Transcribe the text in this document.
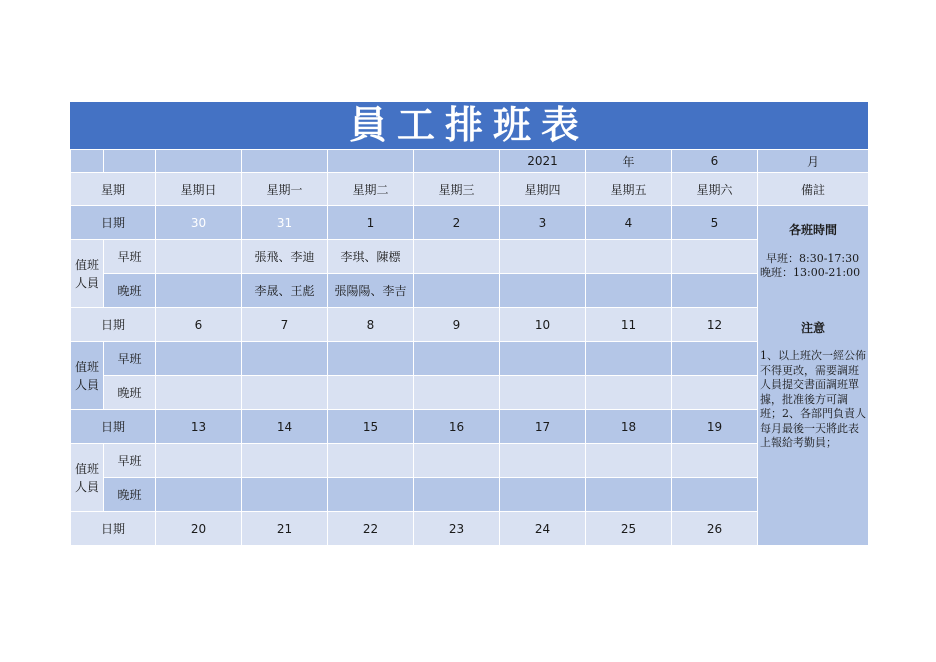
員工排班表
						2021	年	6	月
星期		星期日	星期一	星期二	星期三	星期四	星期五	星期六	備註
日期		30	31	1	2	3	4	5	各班時間
早班：8:30-17:30 晚班：13:00-21:00
注意
1、以上班次一經公佈不得更改，需要調班人員提交書面調班單據，批准後方可調班；2、各部門負責人每月最後一天將此表上報給考勤員；

值班人員	早班		張飛、李迪	李琪、陳標					
	晚班		李晟、王彪	張陽陽、李吉					
日期		6	7	8	9	10	11	12	
值班人員	早班								
	晚班								
日期		13	14	15	16	17	18	19	
值班人員	早班								
	晚班								
日期		20	21	22	23	24	25	26	
